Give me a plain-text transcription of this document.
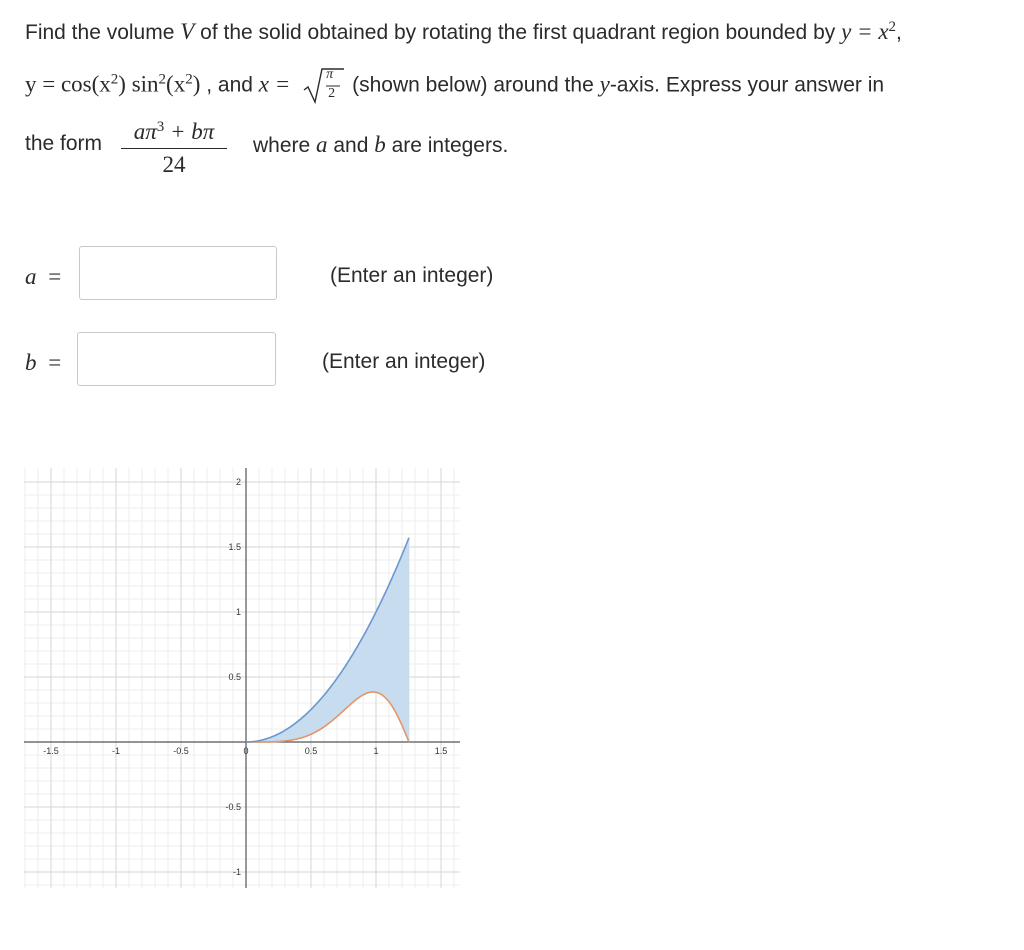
Find the volume V of the solid obtained by rotating the first quadrant region bounded by $y = x^2$,
$y = \cos(x^2)$ $\sin^2(x^2)$ , and x =	π
2 (shown below) around the y-axis. Express your answer in
the form	$a\pi^3 + b\pi$
24
where a and b are integers.
a =	(Enter an integer)
b =	(Enter an integer)
-1.5	-1	-0.5	0	0.5	1	1.5
2
1.5
1
0.5
-0.5
-1
